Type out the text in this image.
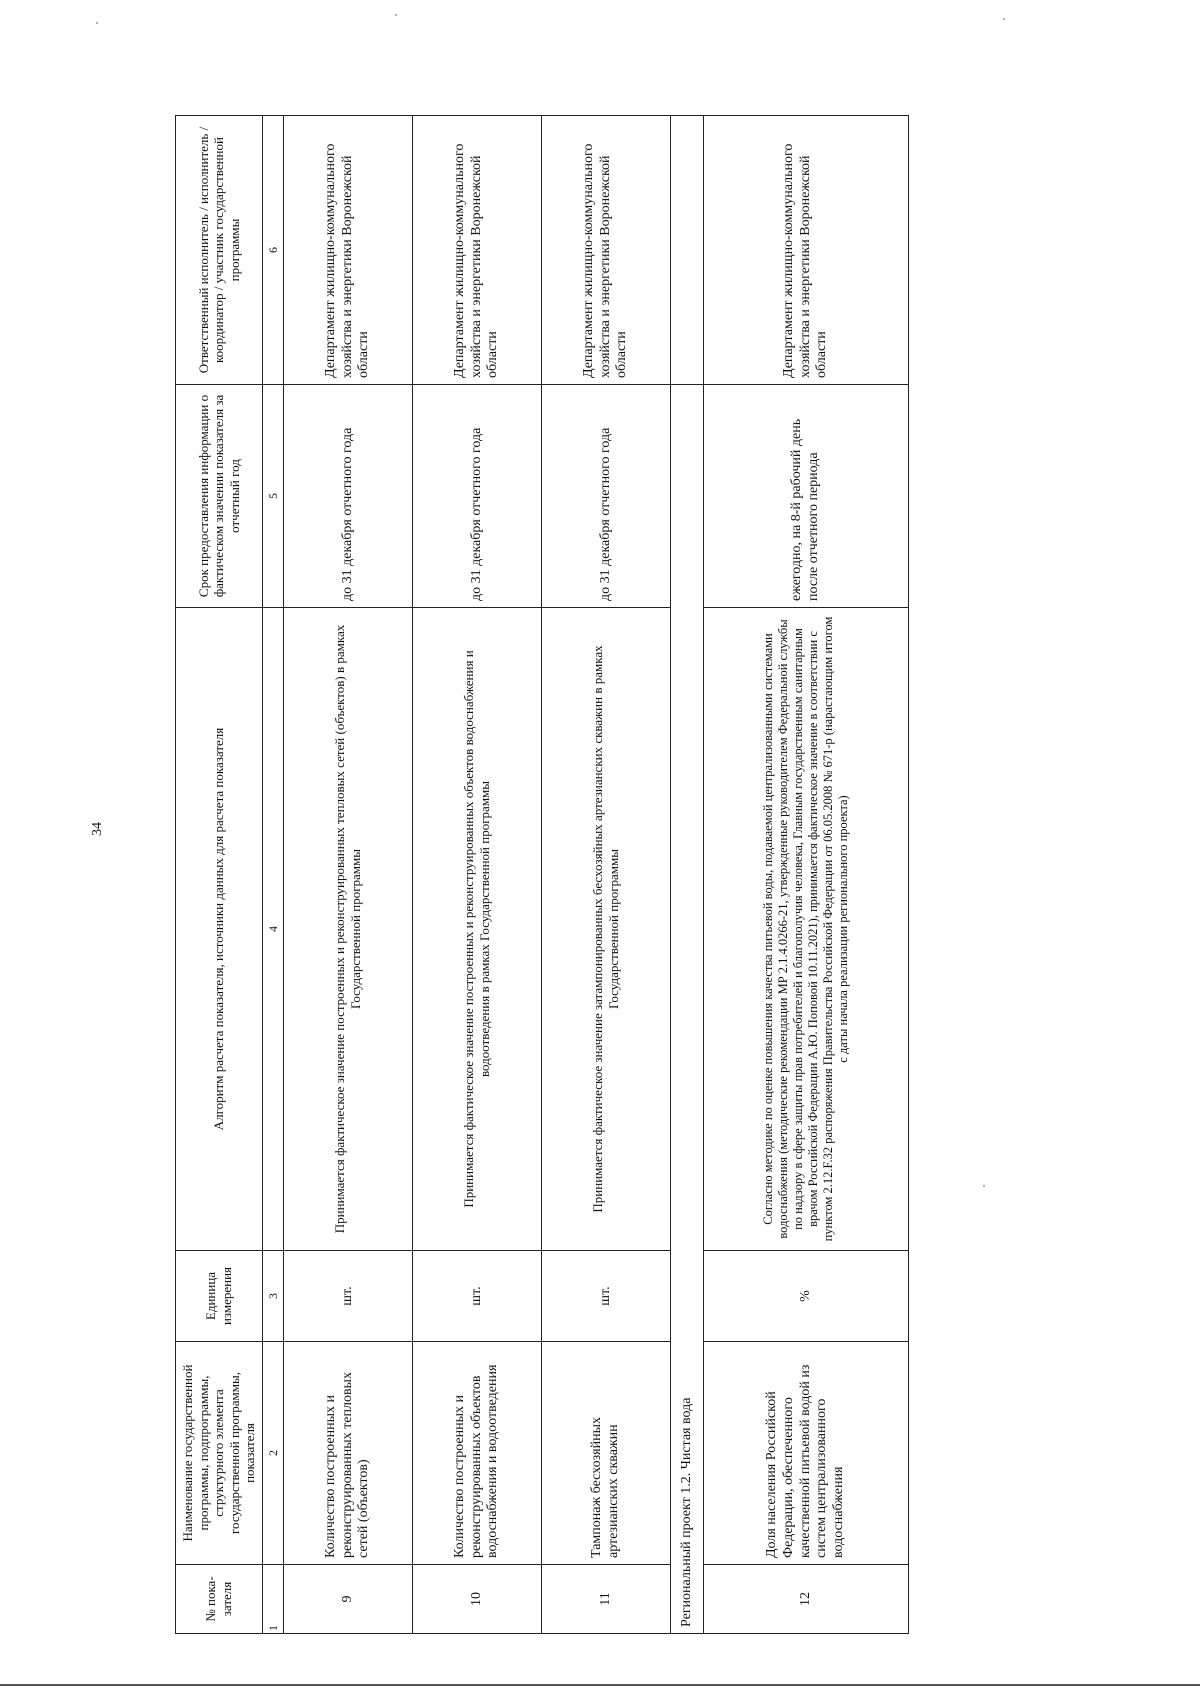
34
№ пока- зателя	Наименование государственной программы, подпрограммы, структурного элемента государственной программы, показателя	Единица измерения	Алгоритм расчета показателя, источники данных для расчета показателя	Срок предоставления информации о фактическом значении показателя за отчетный год	Ответственный исполнитель / исполнитель / координатор / участник государственной программы
1	2	3	4	5	6
9	Количество построенных и реконструированных тепловых сетей (объектов)	шт.	Принимается фактическое значение построенных и реконструированных тепловых сетей (объектов) в рамках Государственной программы	до 31 декабря отчетного года	Департамент жилищно-коммунального хозяйства и энергетики Воронежской области
10	Количество построенных и реконструированных объектов водоснабжения и водоотведения	шт.	Принимается фактическое значение построенных и реконструированных объектов водоснабжения и водоотведения в рамках Государственной программы	до 31 декабря отчетного года	Департамент жилищно-коммунального хозяйства и энергетики Воронежской области
11	Тампонаж бесхозяйных артезианских скважин	шт.	Принимается фактическое значение затампонированных бесхозяйных артезианских скважин в рамках Государственной программы	до 31 декабря отчетного года	Департамент жилищно-коммунального хозяйства и энергетики Воронежской области
Региональный проект 1.2. Чистая вода					
12	Доля населения Российской Федерации, обеспеченного качественной питьевой водой из систем централизованного водоснабжения	%	Согласно методике по оценке повышения качества питьевой воды, подаваемой централизованными системами водоснабжения (методические рекомендации МР 2.1.4.0266-21, утвержденные руководителем Федеральной службы по надзору в сфере защиты прав потребителей и благополучия человека, Главным государственным санитарным врачом Российской Федерации А.Ю. Поповой 10.11.2021), принимается фактическое значение в соответствии с пунктом 2.12.F.32 распоряжения Правительства Российской Федерации от 06.05.2008 № 671-р (нарастающим итогом с даты начала реализации регионального проекта)	ежегодно, на 8-й рабочий день после отчетного периода	Департамент жилищно-коммунального хозяйства и энергетики Воронежской области
